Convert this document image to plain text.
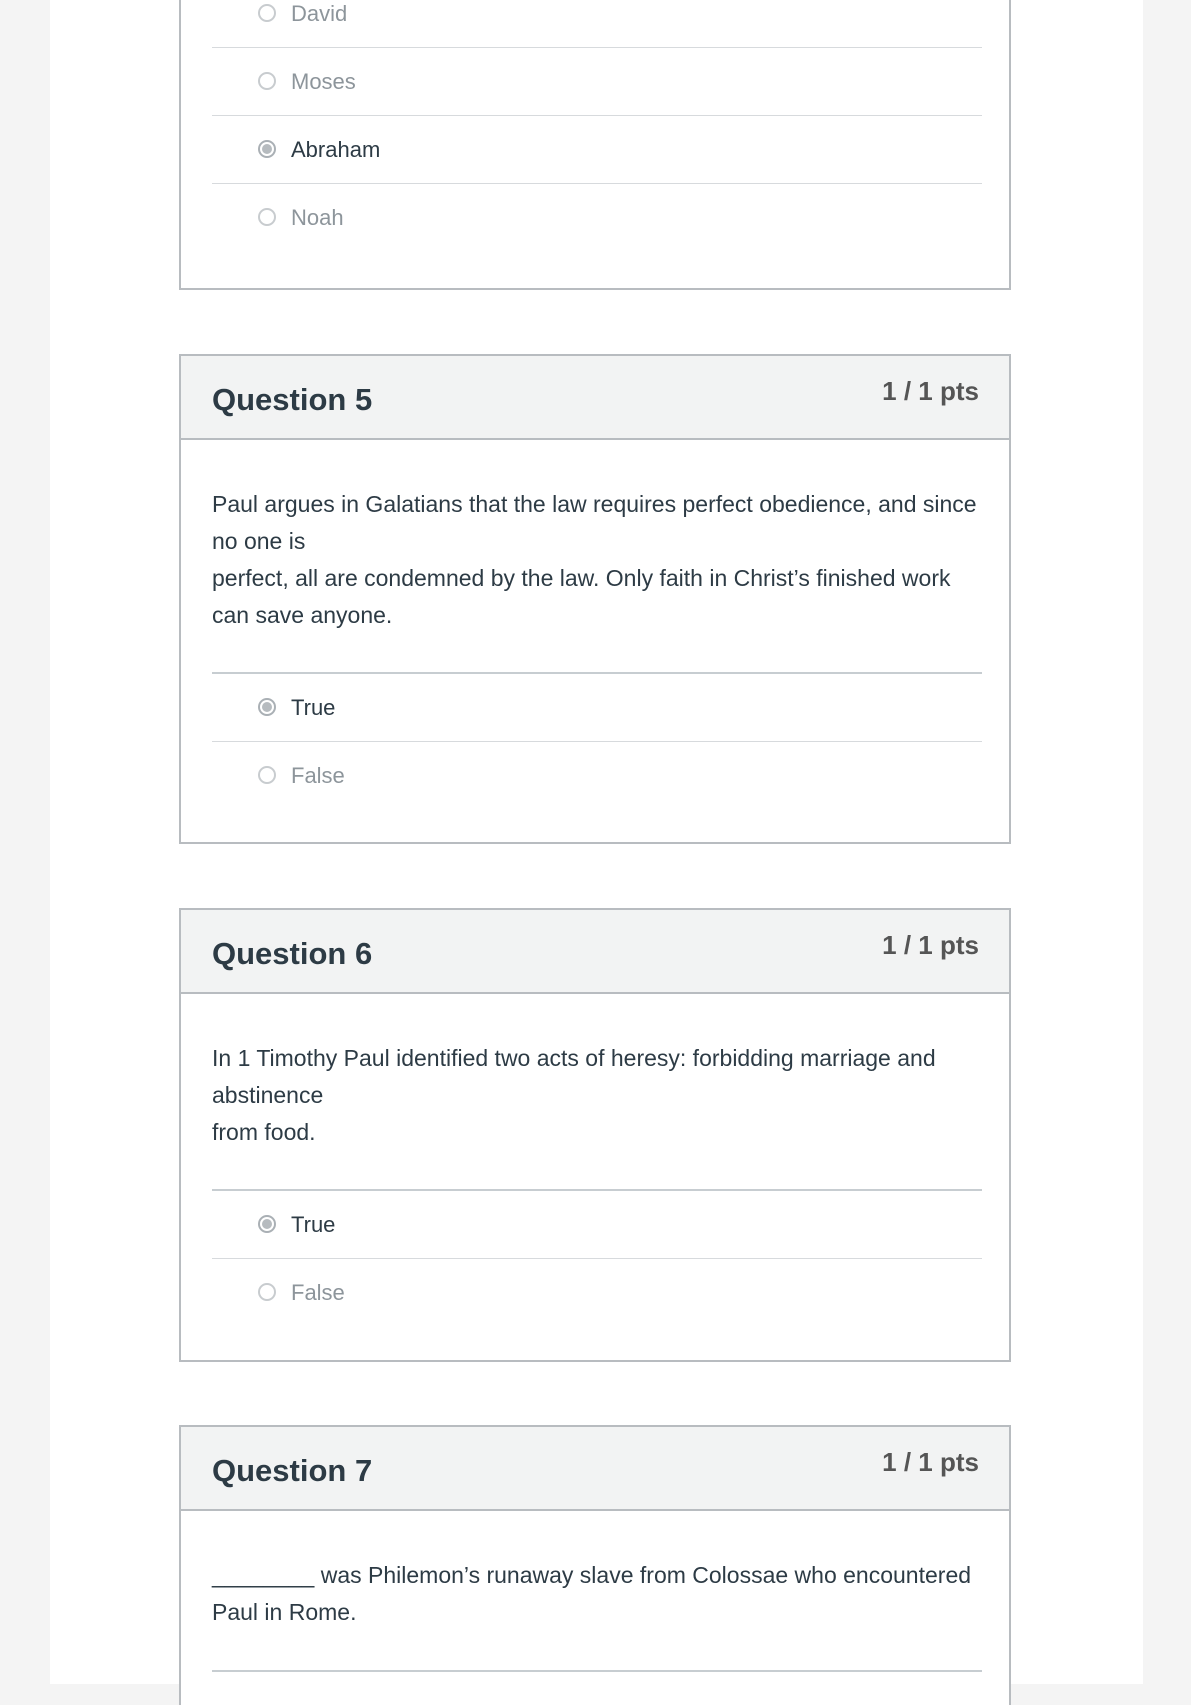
David
Moses
Abraham
Noah
Question 5	1 / 1 pts
Paul argues in Galatians that the law requires perfect obedience, and since no one is
perfect, all are condemned by the law. Only faith in Christ’s finished work can save anyone.
True
False
Question 6	1 / 1 pts
In 1 Timothy Paul identified two acts of heresy: forbidding marriage and abstinence
from food.
True
False
Question 7	1 / 1 pts
________ was Philemon’s runaway slave from Colossae who encountered Paul in Rome.
